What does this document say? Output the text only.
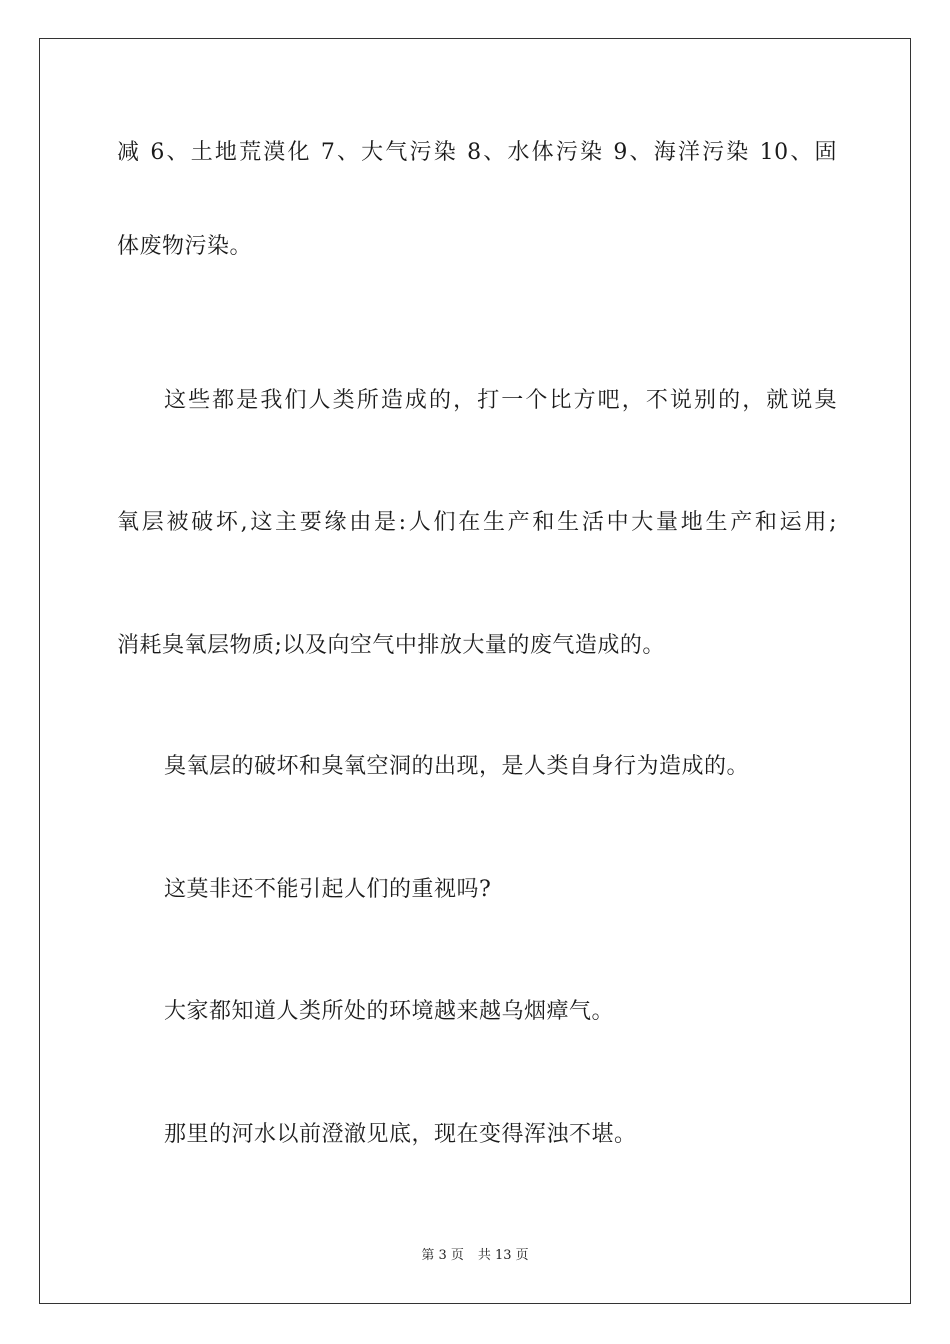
减 6、土地荒漠化 7、大气污染 8、水体污染 9、海洋污染 10、固
体废物污染。
这些都是我们人类所造成的，打一个比方吧，不说别的，就说臭
氧层被破坏,这主要缘由是:人们在生产和生活中大量地生产和运用;
消耗臭氧层物质;以及向空气中排放大量的废气造成的。
臭氧层的破坏和臭氧空洞的出现，是人类自身行为造成的。
这莫非还不能引起人们的重视吗?
大家都知道人类所处的环境越来越乌烟瘴气。
那里的河水以前澄澈见底，现在变得浑浊不堪。
第 3 页 共 13 页
